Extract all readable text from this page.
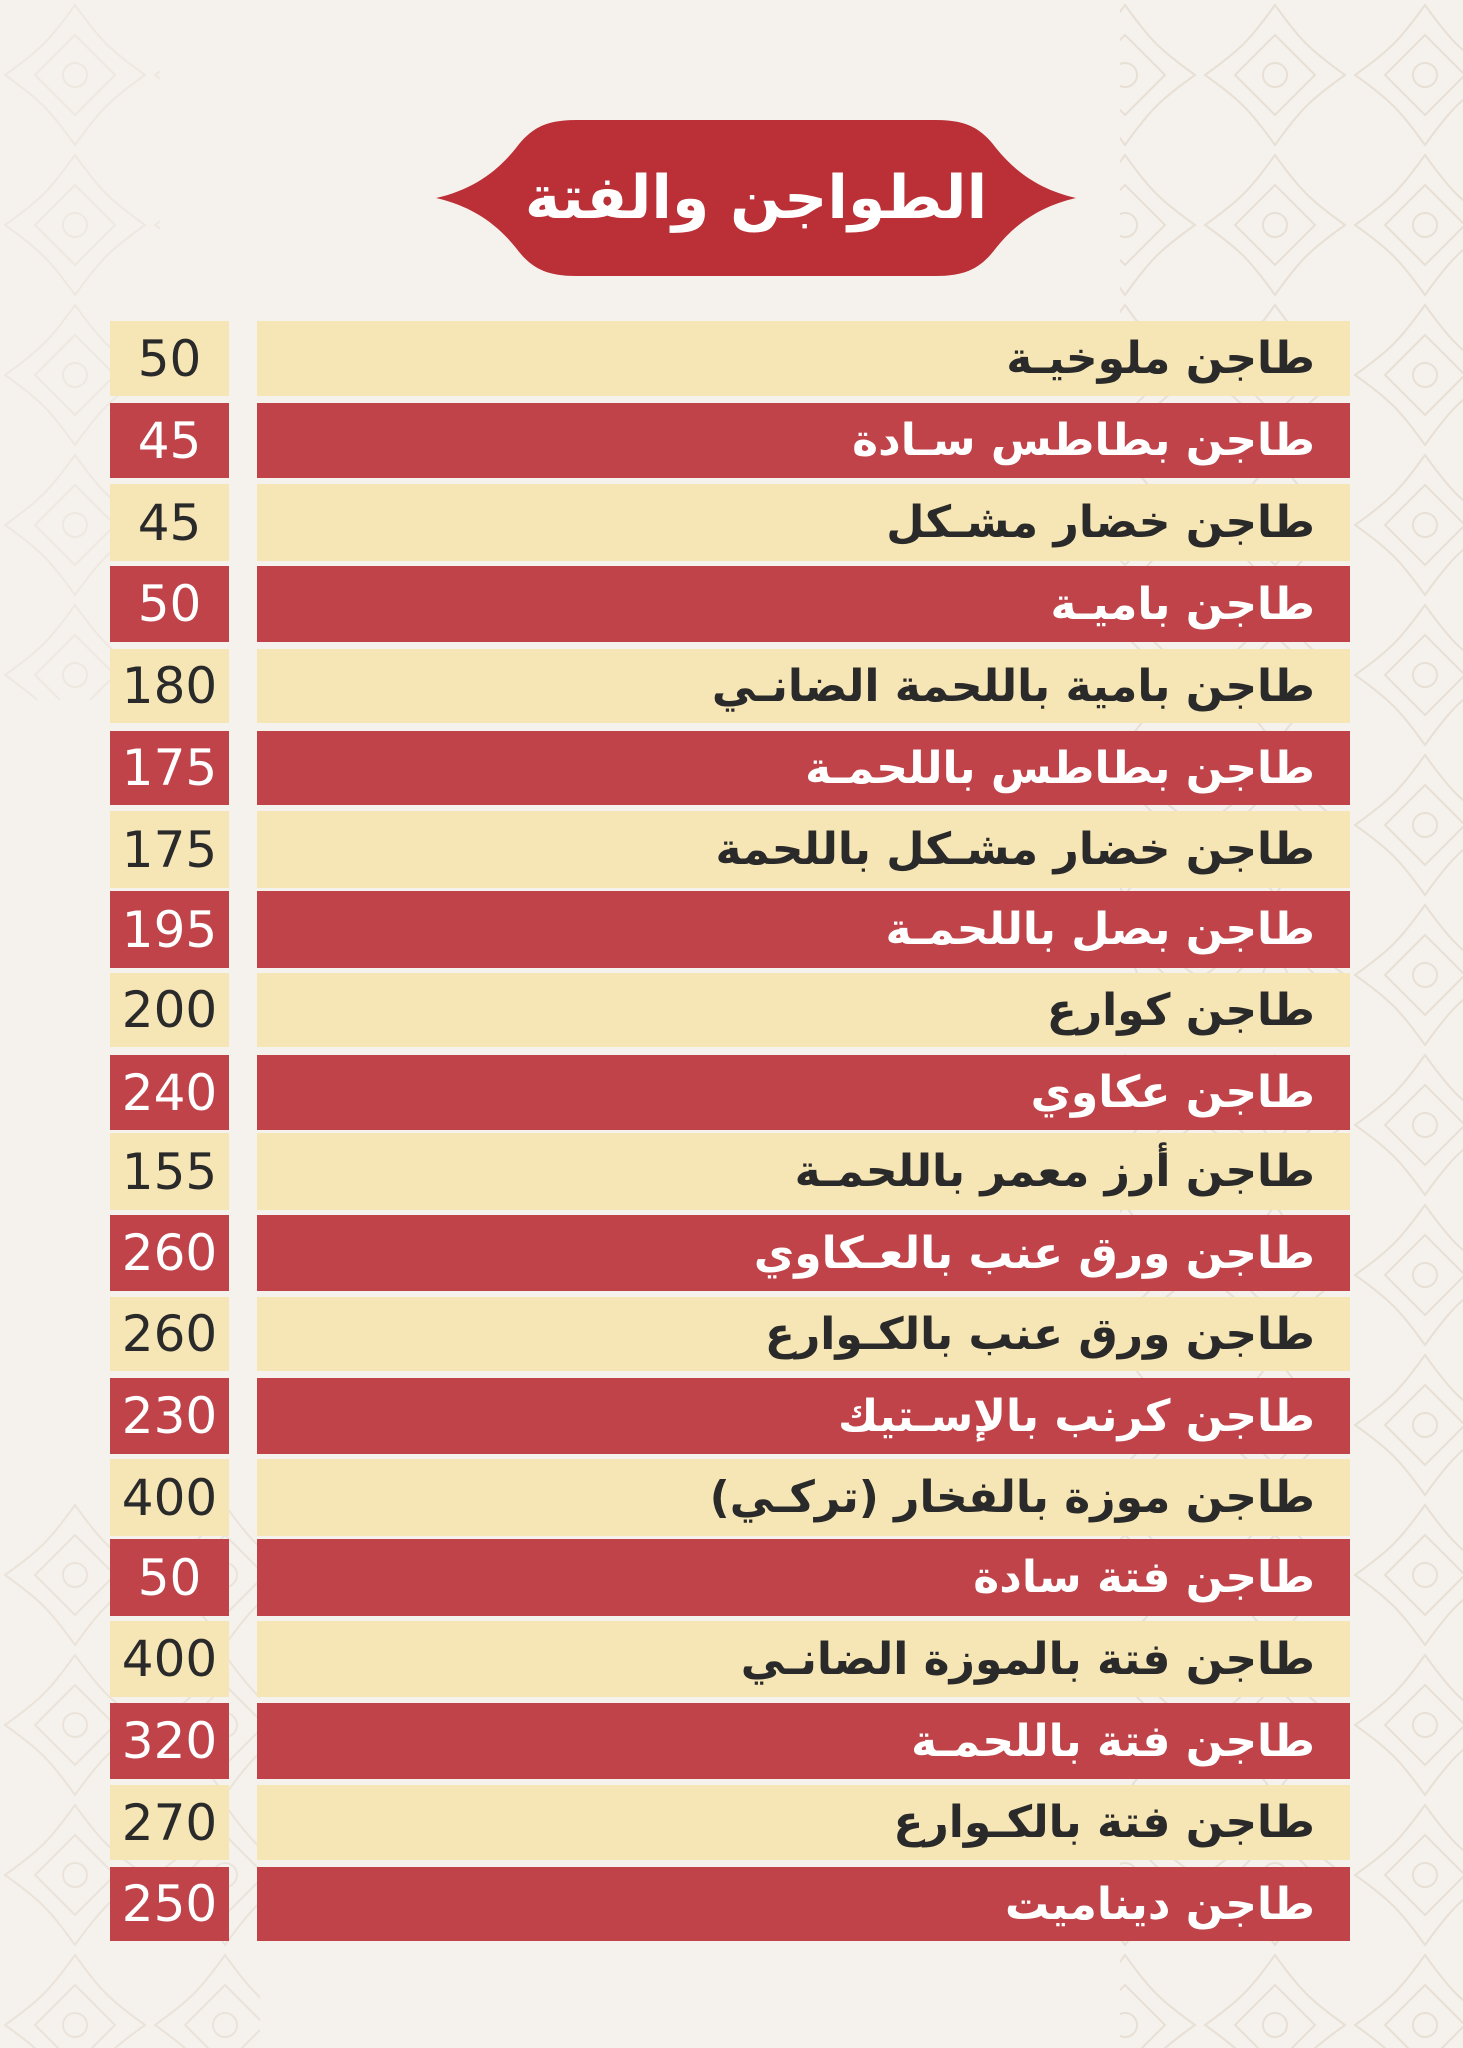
الطواجن والفتة
50	طاجن ملوخيـة
45	طاجن بطاطس سـادة
45	طاجن خضار مشـكل
50	طاجن باميـة
180	طاجن بامية باللحمة الضانـي
175	طاجن بطاطس باللحمـة
175	طاجن خضار مشـكل باللحمة
195	طاجن بصل باللحمـة
200	طاجن كوارع
240	طاجن عكاوي
155	طاجن أرز معمر باللحمـة
260	طاجن ورق عنب بالعـكاوي
260	طاجن ورق عنب بالكـوارع
230	طاجن كرنب بالإسـتيك
400	طاجن موزة بالفخار (تركـي)
50	طاجن فتة سادة
400	طاجن فتة بالموزة الضانـي
320	طاجن فتة باللحمـة
270	طاجن فتة بالكـوارع
250	طاجن ديناميت
